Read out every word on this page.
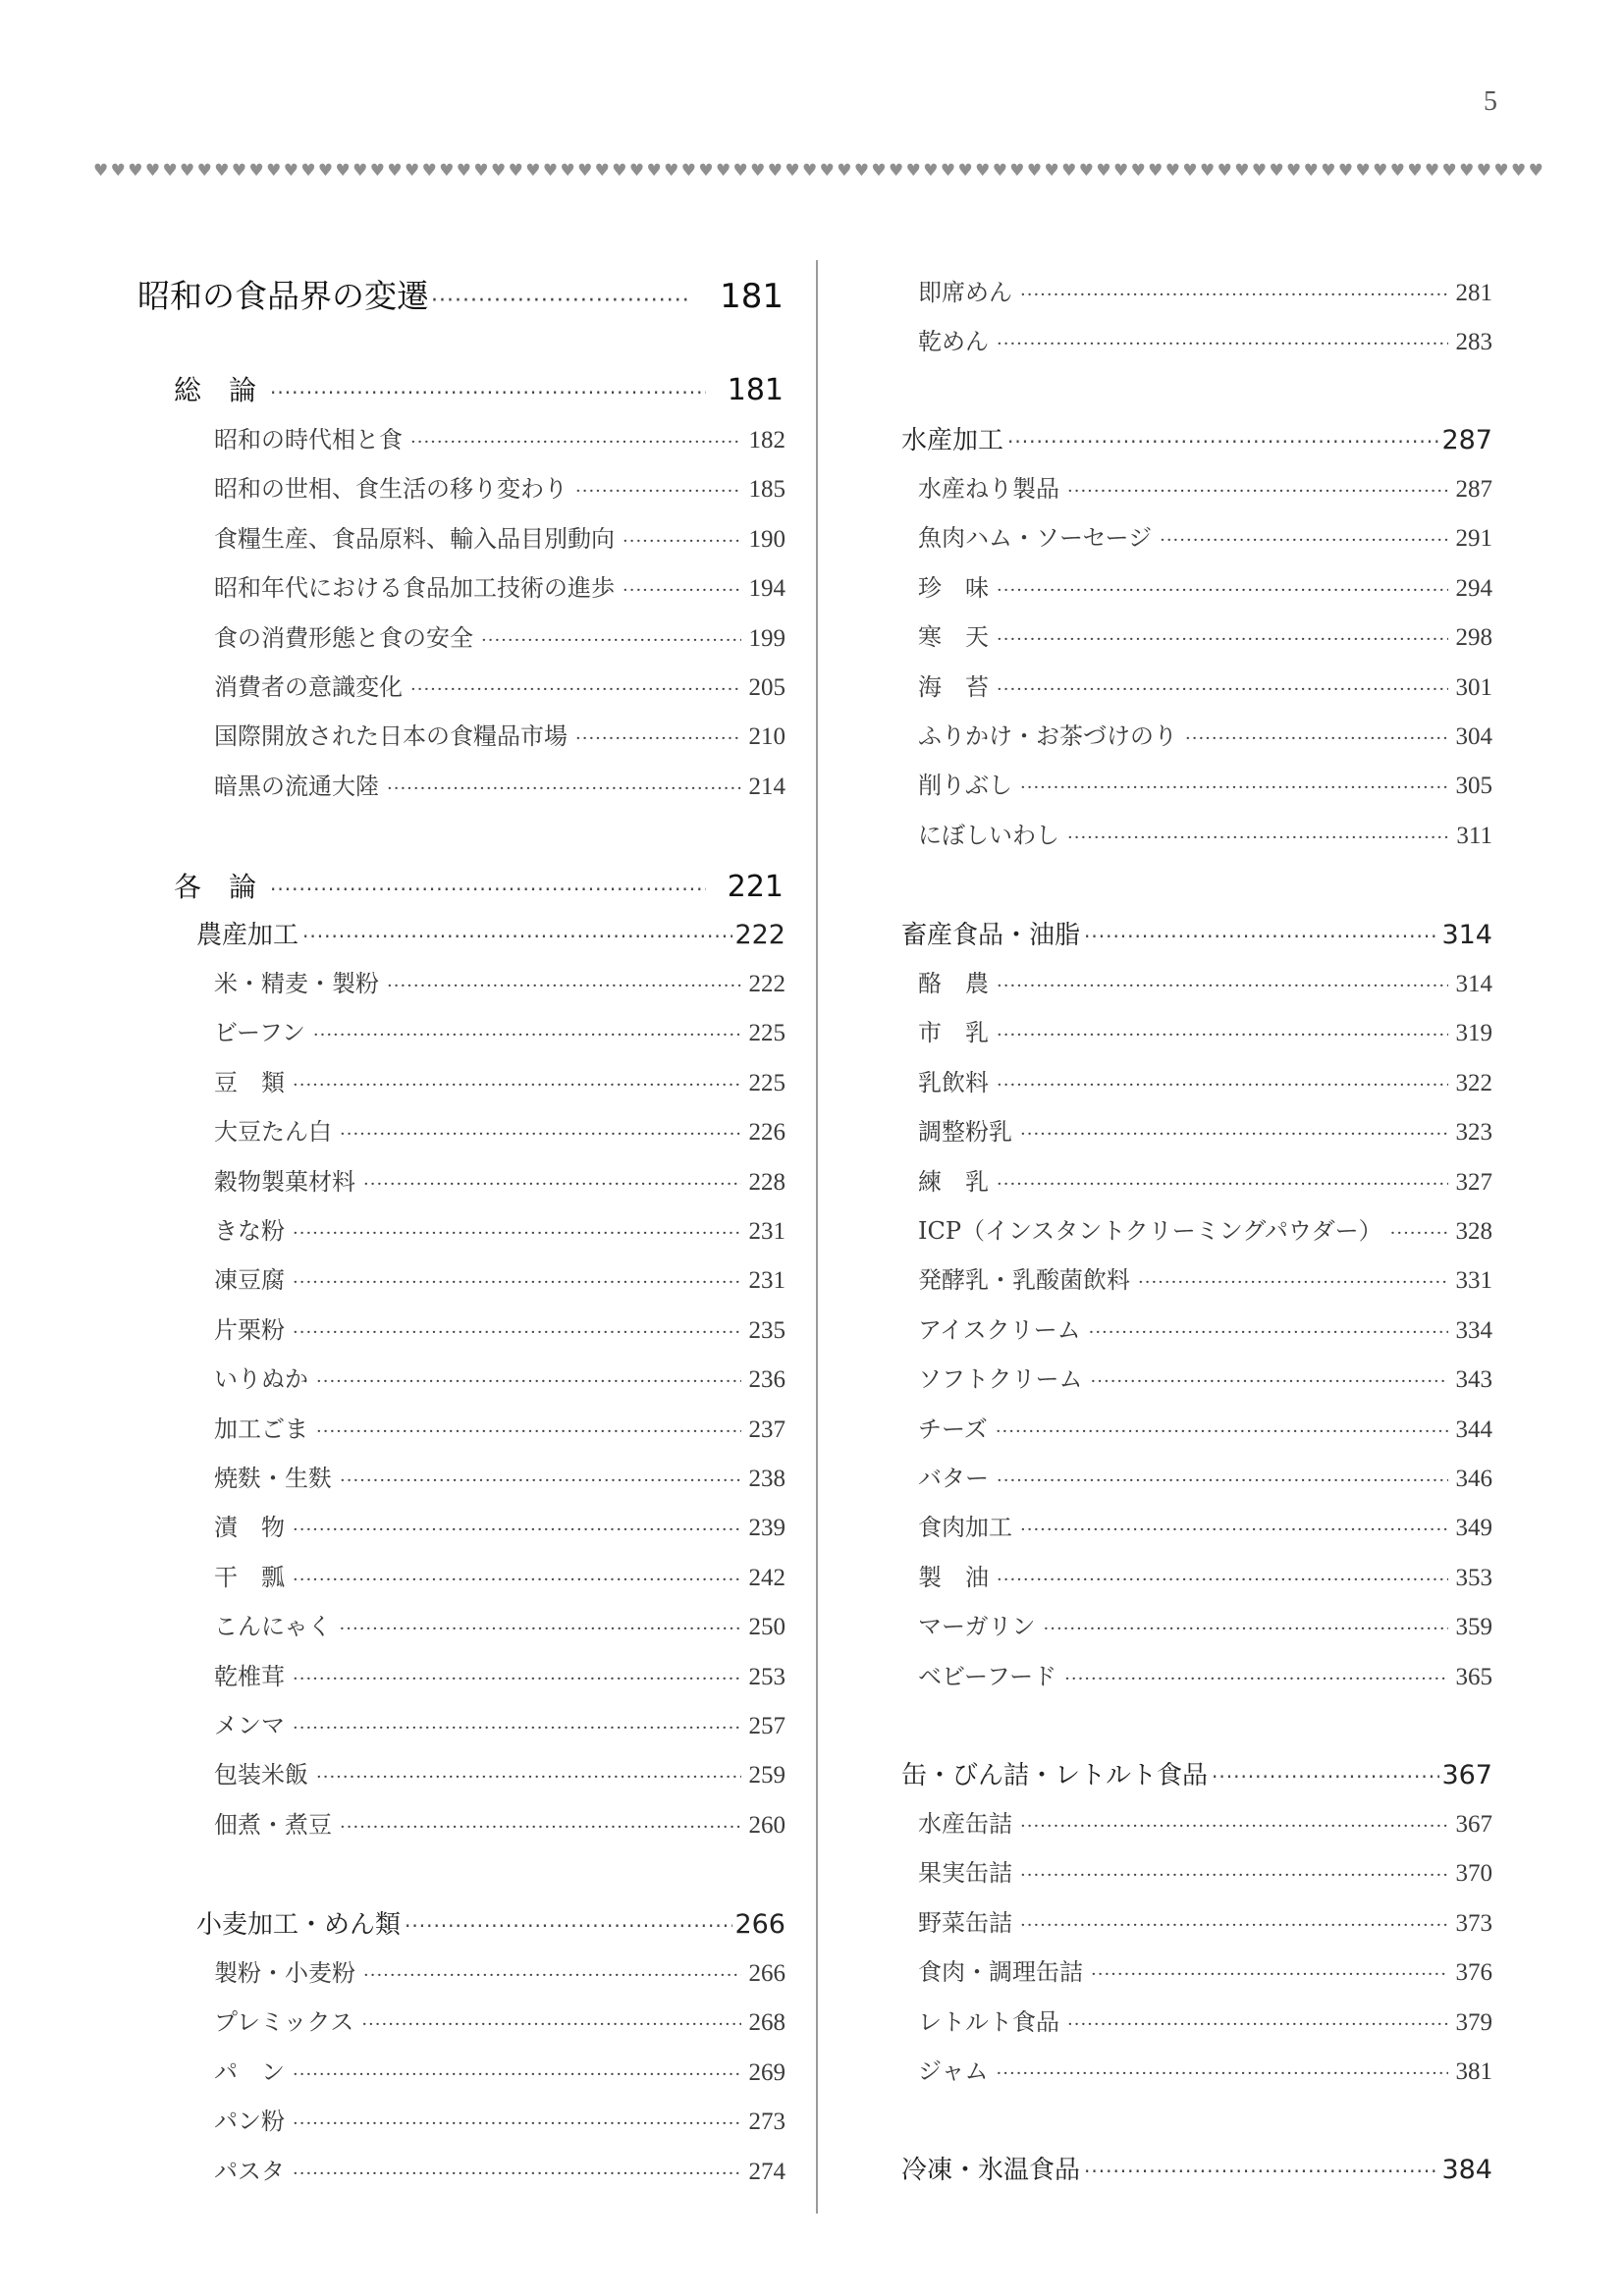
5
♥ ♥ ♥ ♥ ♥ ♥ ♥ ♥ ♥ ♥ ♥ ♥ ♥ ♥ ♥ ♥ ♥ ♥ ♥ ♥ ♥ ♥ ♥ ♥ ♥ ♥ ♥ ♥ ♥ ♥ ♥ ♥ ♥ ♥ ♥ ♥ ♥ ♥ ♥ ♥ ♥ ♥ ♥ ♥ ♥ ♥ ♥ ♥ ♥ ♥ ♥ ♥ ♥ ♥ ♥ ♥ ♥ ♥ ♥ ♥ ♥ ♥ ♥ ♥ ♥ ♥ ♥ ♥ ♥ ♥ ♥ ♥ ♥ ♥ ♥ ♥ ♥ ♥ ♥ ♥ ♥ ♥ ♥ ♥
昭和の食品界の変遷 ·····	181
総　論 ·····	181
昭和の時代相と食 ·····	182
昭和の世相、食生活の移り変わり ·····	185
食糧生産、食品原料、輸入品目別動向 ·····	190
昭和年代における食品加工技術の進歩 ·····	194
食の消費形態と食の安全 ·····	199
消費者の意識変化 ·····	205
国際開放された日本の食糧品市場 ·····	210
暗黒の流通大陸 ·····	214
各　論 ·····	221
農産加工 ·····	222
米・精麦・製粉 ·····	222
ビーフン ·····	225
豆　類 ·····	225
大豆たん白 ·····	226
穀物製菓材料 ·····	228
きな粉 ·····	231
凍豆腐 ·····	231
片栗粉 ·····	235
いりぬか ·····	236
加工ごま ·····	237
焼麩・生麩 ·····	238
漬　物 ·····	239
干　瓢 ·····	242
こんにゃく ·····	250
乾椎茸 ·····	253
メンマ ·····	257
包装米飯 ·····	259
佃煮・煮豆 ·····	260
小麦加工・めん類 ·····	266
製粉・小麦粉 ·····	266
プレミックス ·····	268
パ　ン ·····	269
パン粉 ·····	273
パスタ ·····	274
即席めん ·····	281
乾めん ·····	283
水産加工 ·····	287
水産ねり製品 ·····	287
魚肉ハム・ソーセージ ·····	291
珍　味 ·····	294
寒　天 ·····	298
海　苔 ·····	301
ふりかけ・お茶づけのり ·····	304
削りぶし ·····	305
にぼしいわし ·····	311
畜産食品・油脂 ·····	314
酪　農 ·····	314
市　乳 ·····	319
乳飲料 ·····	322
調整粉乳 ·····	323
練　乳 ·····	327
ICP（インスタントクリーミングパウダー） ·····	328
発酵乳・乳酸菌飲料 ·····	331
アイスクリーム ·····	334
ソフトクリーム ·····	343
チーズ ·····	344
バター ·····	346
食肉加工 ·····	349
製　油 ·····	353
マーガリン ·····	359
ベビーフード ·····	365
缶・びん詰・レトルト食品 ·····	367
水産缶詰 ·····	367
果実缶詰 ·····	370
野菜缶詰 ·····	373
食肉・調理缶詰 ·····	376
レトルト食品 ·····	379
ジャム ·····	381
冷凍・氷温食品 ·····	384
